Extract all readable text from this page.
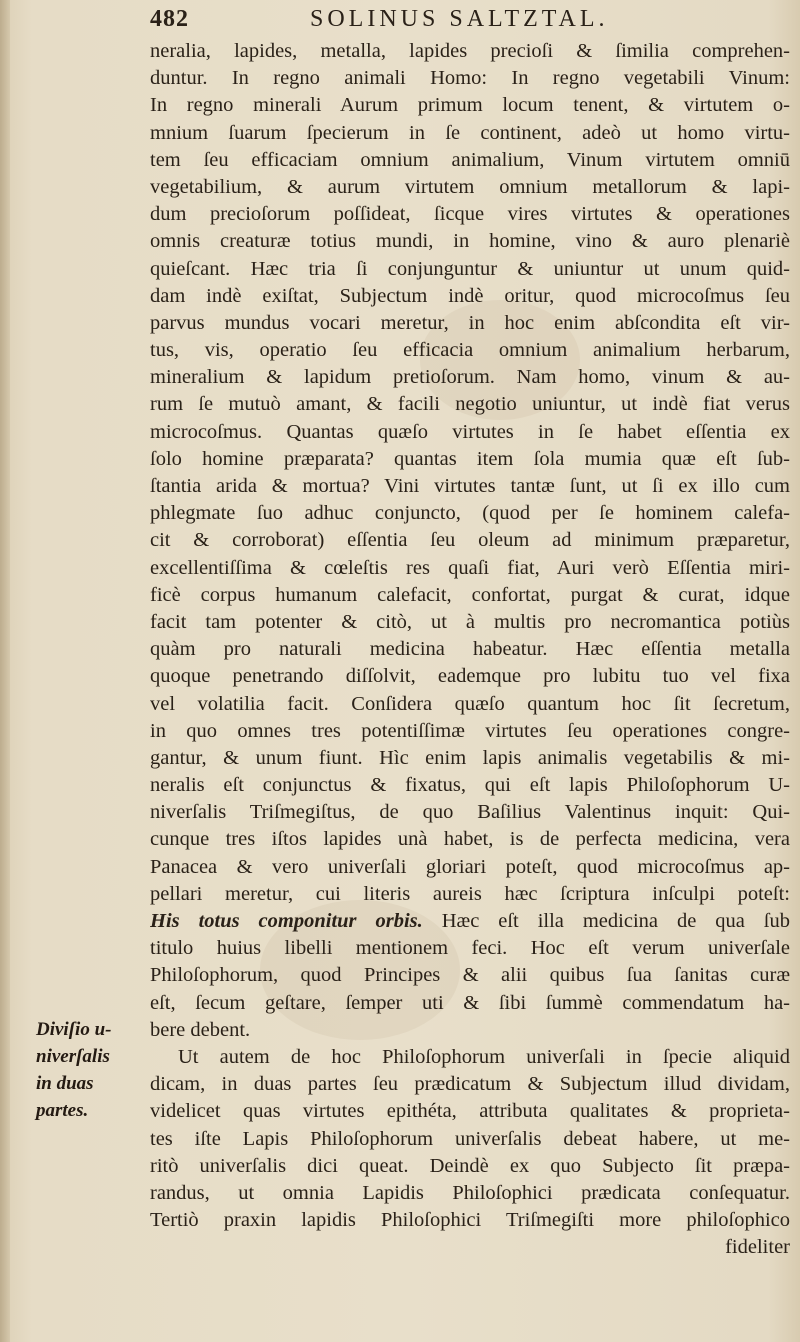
482	SOLINUS SALTZTAL.
Diviſio u-
niverſalis
in duas
partes.
neralia, lapides, metalla, lapides precioſi & ſimilia comprehen-
duntur. In regno animali Homo: In regno vegetabili Vinum:
In regno minerali Aurum primum locum tenent, & virtutem o-
mnium ſuarum ſpecierum in ſe continent, adeò ut homo virtu-
tem ſeu efficaciam omnium animalium, Vinum virtutem omniū
vegetabilium, & aurum virtutem omnium metallorum & lapi-
dum precioſorum poſſideat, ſicque vires virtutes & operationes
omnis creaturæ totius mundi, in homine, vino & auro plenariè
quieſcant. Hæc tria ſi conjunguntur & uniuntur ut unum quid-
dam indè exiſtat, Subjectum indè oritur, quod microcoſmus ſeu
parvus mundus vocari meretur, in hoc enim abſcondita eſt vir-
tus, vis, operatio ſeu efficacia omnium animalium herbarum,
mineralium & lapidum pretioſorum. Nam homo, vinum & au-
rum ſe mutuò amant, & facili negotio uniuntur, ut indè fiat verus
microcoſmus. Quantas quæſo virtutes in ſe habet eſſentia ex
ſolo homine præparata? quantas item ſola mumia quæ eſt ſub-
ſtantia arida & mortua? Vini virtutes tantæ ſunt, ut ſi ex illo cum
phlegmate ſuo adhuc conjuncto, (quod per ſe hominem calefa-
cit & corroborat) eſſentia ſeu oleum ad minimum præparetur,
excellentiſſima & cœleſtis res quaſi fiat, Auri verò Eſſentia miri-
ficè corpus humanum calefacit, confortat, purgat & curat, idque
facit tam potenter & citò, ut à multis pro necromantica potiùs
quàm pro naturali medicina habeatur. Hæc eſſentia metalla
quoque penetrando diſſolvit, eademque pro lubitu tuo vel fixa
vel volatilia facit. Conſidera quæſo quantum hoc ſit ſecretum,
in quo omnes tres potentiſſimæ virtutes ſeu operationes congre-
gantur, & unum fiunt. Hìc enim lapis animalis vegetabilis & mi-
neralis eſt conjunctus & fixatus, qui eſt lapis Philoſophorum U-
niverſalis Triſmegiſtus, de quo Baſilius Valentinus inquit: Qui-
cunque tres iſtos lapides unà habet, is de perfecta medicina, vera
Panacea & vero univerſali gloriari poteſt, quod microcoſmus ap-
pellari meretur, cui literis aureis hæc ſcriptura inſculpi poteſt:
His totus componitur orbis. Hæc eſt illa medicina de qua ſub
titulo huius libelli mentionem feci. Hoc eſt verum univerſale
Philoſophorum, quod Principes & alii quibus ſua ſanitas curæ
eſt, ſecum geſtare, ſemper uti & ſibi ſummè commendatum ha-
bere debent.
Ut autem de hoc Philoſophorum univerſali in ſpecie aliquid
dicam, in duas partes ſeu prædicatum & Subjectum illud dividam,
videlicet quas virtutes epithéta, attributa qualitates & proprieta-
tes iſte Lapis Philoſophorum univerſalis debeat habere, ut me-
ritò univerſalis dici queat. Deindè ex quo Subjecto ſit præpa-
randus, ut omnia Lapidis Philoſophici prædicata conſequatur.
Tertiò praxin lapidis Philoſophici Triſmegiſti more philoſophico
fideliter
